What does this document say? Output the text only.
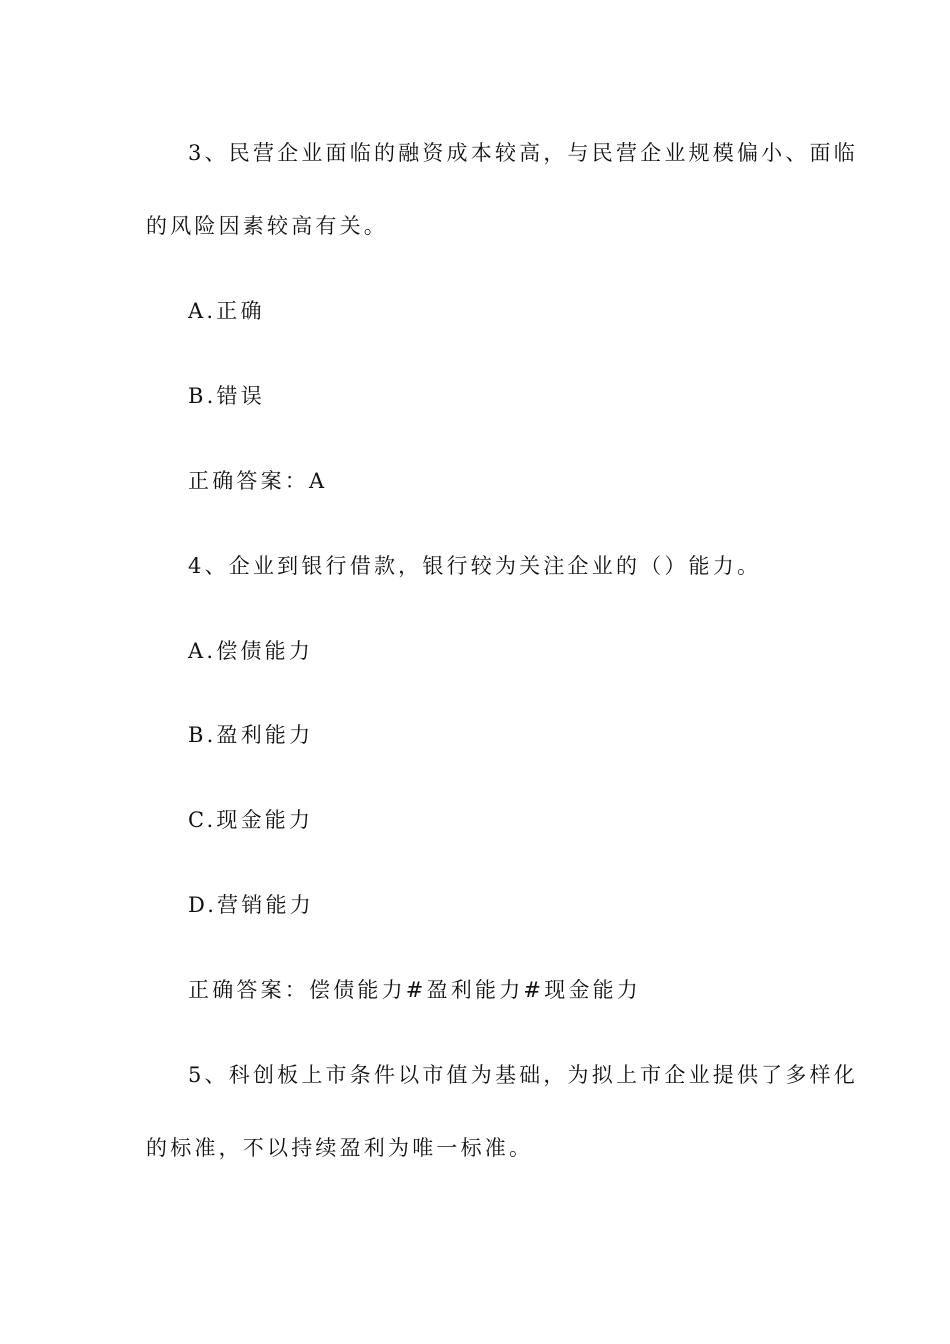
3、民营企业面临的融资成本较高，与民营企业规模偏小、面临
的风险因素较高有关。
A.正确
B.错误
正确答案：A
4、企业到银行借款，银行较为关注企业的（）能力。
A.偿债能力
B.盈利能力
C.现金能力
D.营销能力
正确答案：偿债能力#盈利能力#现金能力
5、科创板上市条件以市值为基础，为拟上市企业提供了多样化
的标准，不以持续盈利为唯一标准。
